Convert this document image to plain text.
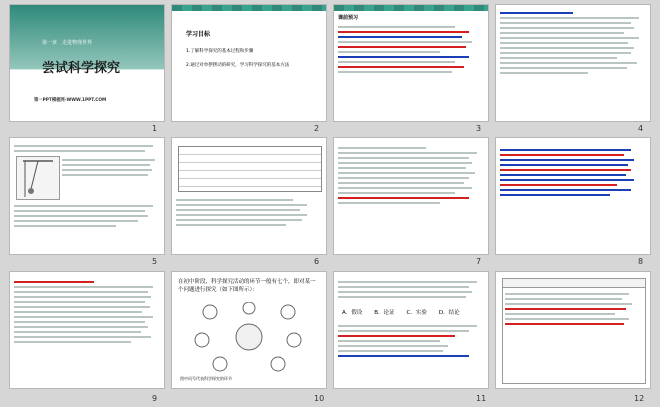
第一章　走进物理世界
尝试科学探究
第一PPT模板网-WWW.1PPT.COM
1
学习目标
1.了解科学探究的基本过程和步骤
2.通过对单摆摆动的研究，学习科学探究的基本方法
2
课前预习
3	4
5	6	7	8
9
在初中阶段，科学探究活动的环节一般有七个，即对某一个问题进行探究（如下图所示）：
图中问号代表科学探究的环节
10
A．假设 B．论证 C．实验 D．结论
11	12
